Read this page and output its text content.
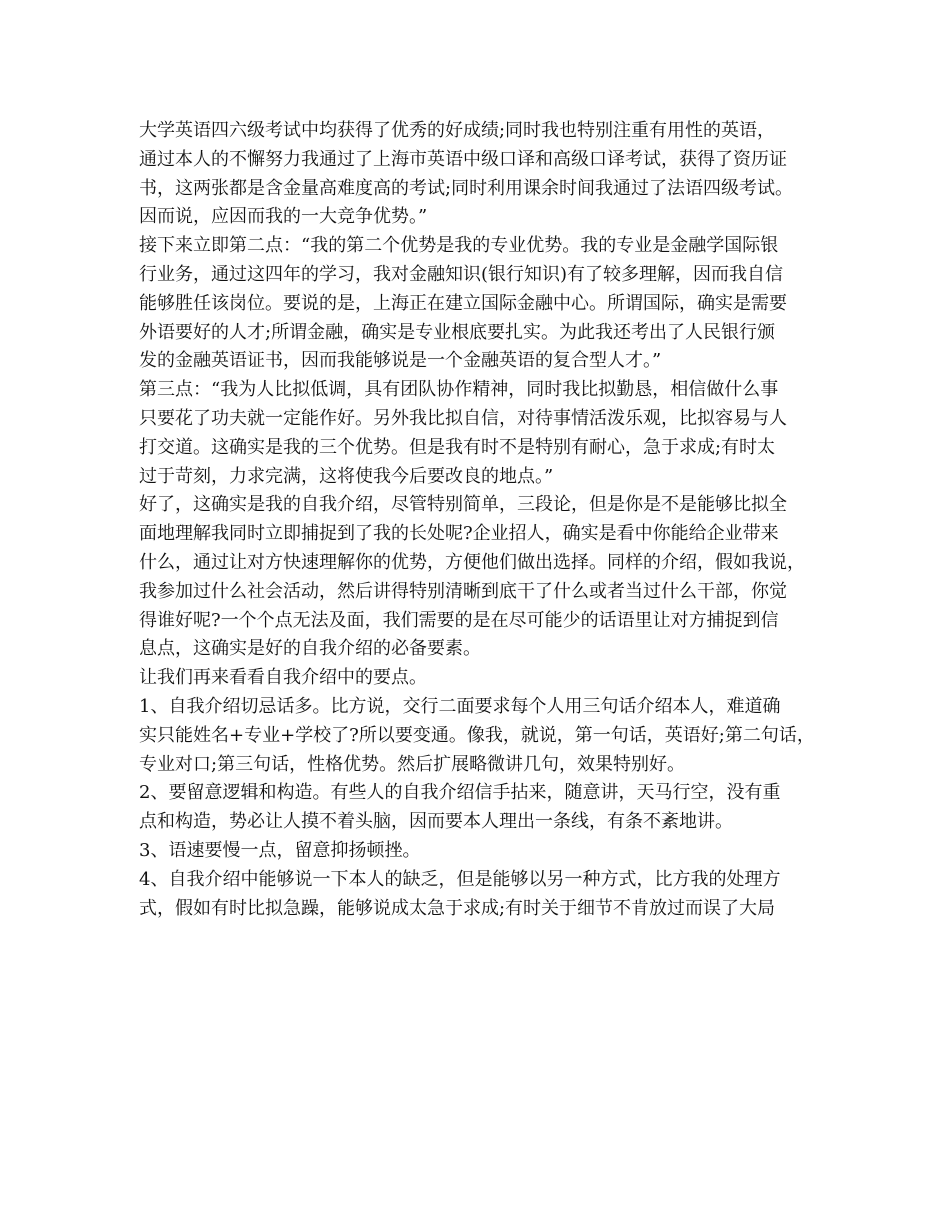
大学英语四六级考试中均获得了优秀的好成绩;同时我也特别注重有用性的英语，
通过本人的不懈努力我通过了上海市英语中级口译和高级口译考试，获得了资历证
书，这两张都是含金量高难度高的考试;同时利用课余时间我通过了法语四级考试。
因而说，应因而我的一大竞争优势。”
接下来立即第二点：“我的第二个优势是我的专业优势。我的专业是金融学国际银
行业务，通过这四年的学习，我对金融知识(银行知识)有了较多理解，因而我自信
能够胜任该岗位。要说的是，上海正在建立国际金融中心。所谓国际，确实是需要
外语要好的人才;所谓金融，确实是专业根底要扎实。为此我还考出了人民银行颁
发的金融英语证书，因而我能够说是一个金融英语的复合型人才。”
第三点：“我为人比拟低调，具有团队协作精神，同时我比拟勤恳，相信做什么事
只要花了功夫就一定能作好。另外我比拟自信，对待事情活泼乐观，比拟容易与人
打交道。这确实是我的三个优势。但是我有时不是特别有耐心，急于求成;有时太
过于苛刻，力求完满，这将使我今后要改良的地点。”
好了，这确实是我的自我介绍，尽管特别简单，三段论，但是你是不是能够比拟全
面地理解我同时立即捕捉到了我的长处呢?企业招人，确实是看中你能给企业带来
什么，通过让对方快速理解你的优势，方便他们做出选择。同样的介绍，假如我说，
我参加过什么社会活动，然后讲得特别清晰到底干了什么或者当过什么干部，你觉
得谁好呢?一个个点无法及面，我们需要的是在尽可能少的话语里让对方捕捉到信
息点，这确实是好的自我介绍的必备要素。
让我们再来看看自我介绍中的要点。
1、自我介绍切忌话多。比方说，交行二面要求每个人用三句话介绍本人，难道确
实只能姓名+专业+学校了?所以要变通。像我，就说，第一句话，英语好;第二句话，
专业对口;第三句话，性格优势。然后扩展略微讲几句，效果特别好。
2、要留意逻辑和构造。有些人的自我介绍信手拈来，随意讲，天马行空，没有重
点和构造，势必让人摸不着头脑，因而要本人理出一条线，有条不紊地讲。
3、语速要慢一点，留意抑扬顿挫。
4、自我介绍中能够说一下本人的缺乏，但是能够以另一种方式，比方我的处理方
式，假如有时比拟急躁，能够说成太急于求成;有时关于细节不肯放过而误了大局
